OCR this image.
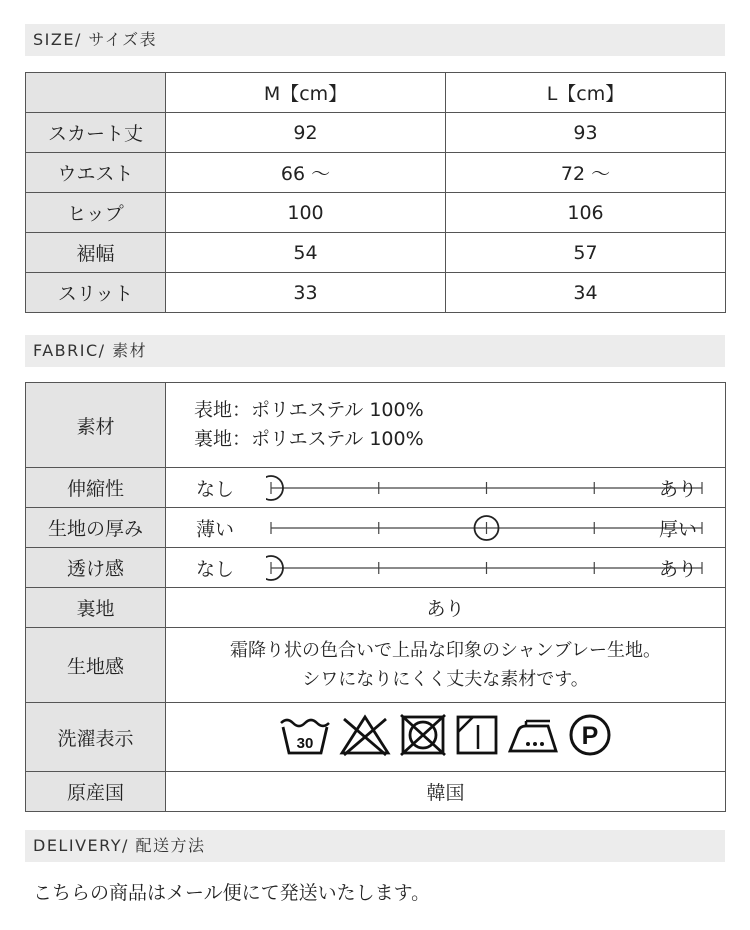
SIZE/ サイズ表
	M【cm】	L【cm】
スカート丈	92	93
ウエスト	66 〜	72 〜
ヒップ	100	106
裾幅	54	57
スリット	33	34
FABRIC/ 素材
素材	表地：ポリエステル 100%
裏地：ポリエステル 100%

伸縮性	なし あり

生地の厚み	薄い 厚い

透け感	なし あり

裏地	あり
生地感	霜降り状の色合いで上品な印象のシャンブレー生地。
シワになりにくく丈夫な素材です。

洗濯表示	30 P

原産国	韓国
DELIVERY/ 配送方法
こちらの商品はメール便にて発送いたします。
